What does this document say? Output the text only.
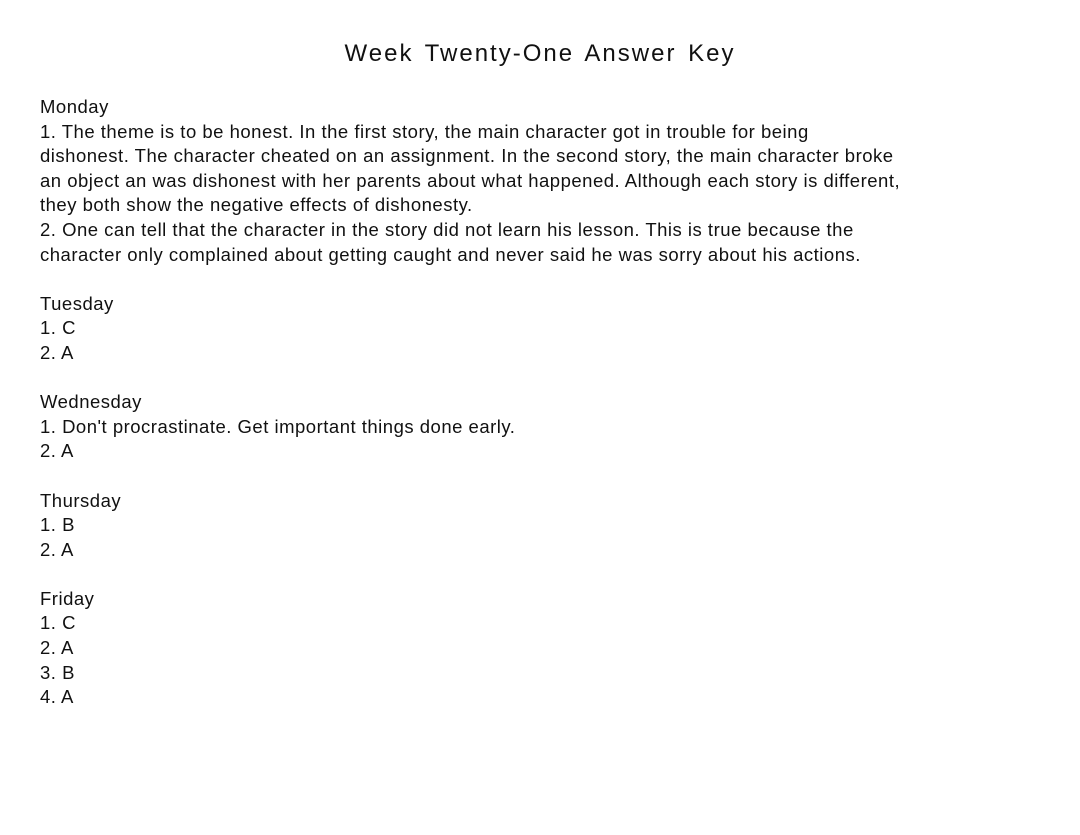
Week Twenty-One Answer Key
Monday
1. The theme is to be honest. In the first story, the main character got in trouble for being
dishonest. The character cheated on an assignment. In the second story, the main character broke
an object an was dishonest with her parents about what happened. Although each story is different,
they both show the negative effects of dishonesty.
2. One can tell that the character in the story did not learn his lesson. This is true because the
character only complained about getting caught and never said he was sorry about his actions.
Tuesday
1. C
2. A
Wednesday
1. Don't procrastinate. Get important things done early.
2. A
Thursday
1. B
2. A
Friday
1. C
2. A
3. B
4. A
